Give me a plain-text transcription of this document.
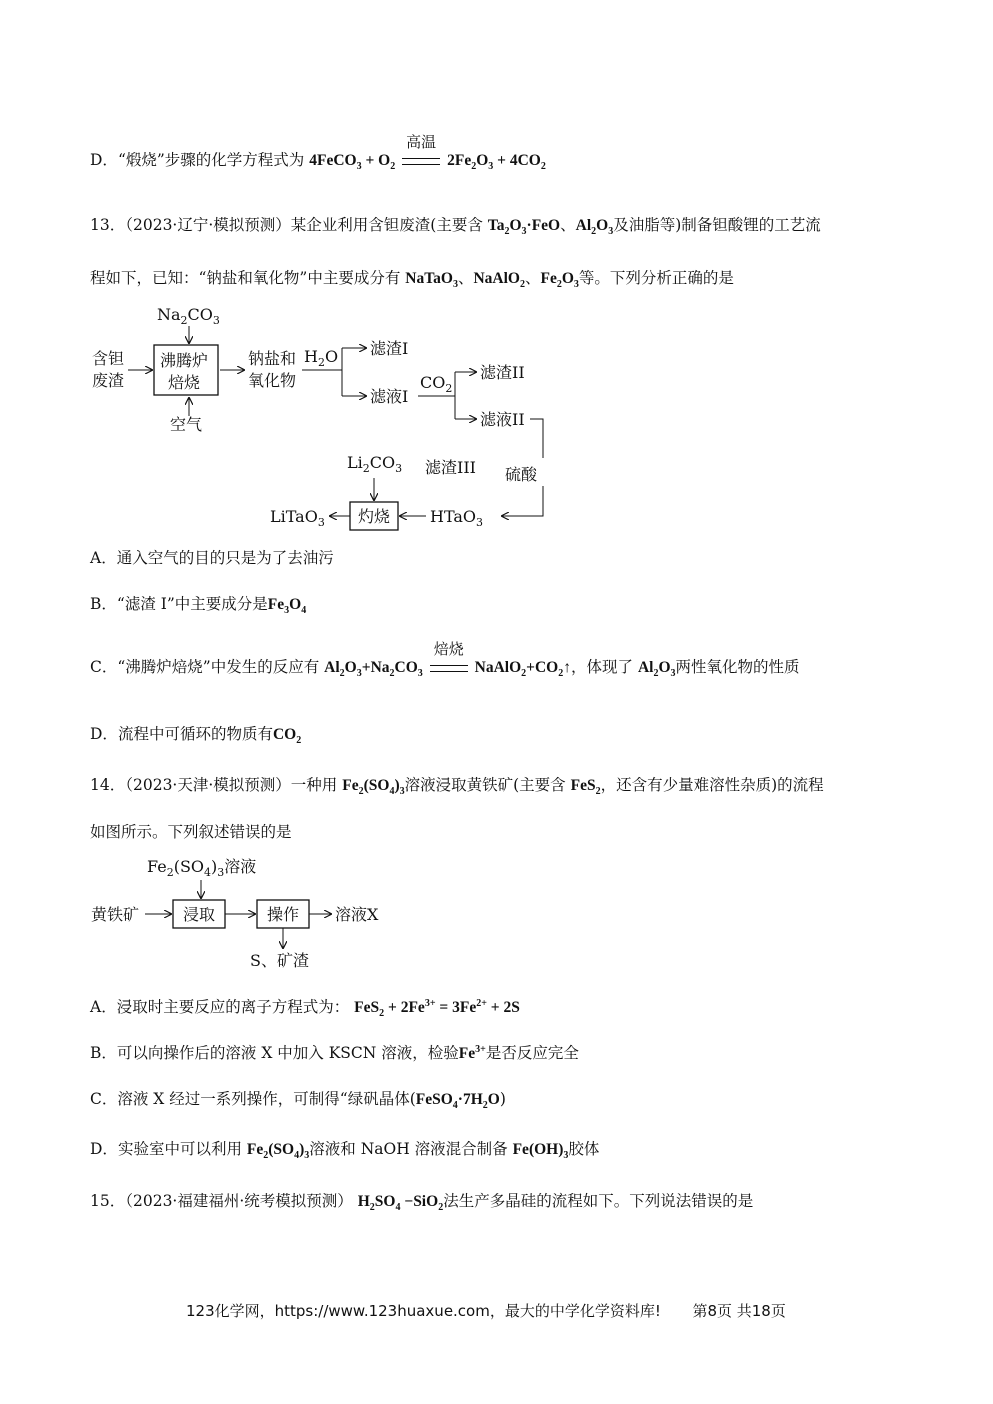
D．“煅烧”步骤的化学方程式为 4FeCO$_3$ + $O_2$
高温
$2Fe_2O_3 + 4CO_2$
13．（2023·辽宁·模拟预测）某企业利用含钽废渣(主要含 $Ta_2O_3\cdot FeO$、$Al_2O_3$及油脂等)制备钽酸锂的工艺流
程如下，已知：“钠盐和氧化物”中主要成分有 NaTaO$_3$、NaAlO$_2$、$Fe_2O_3$等。下列分析正确的是
含钽
废渣
$Na_2CO_3$
沸腾炉
焙烧
空气
钠盐和
氧化物
$H_2O$ 滤渣I
滤液I
$CO_2$
滤渣II
滤液II
硫酸
滤渣III
HTaO$_3$
灼烧
$Li_2CO_3$
LiTaO$_3$
A．通入空气的目的只是为了去油污
B．“滤渣 I”中主要成分是$Fe_3O_4$
C．“沸腾炉焙烧”中发生的反应有 $Al_2O_3+Na_2CO_3$
焙烧
$NaAlO_2+CO_2↑$，体现了 $Al_2O_3$两性氧化物的性质
D．流程中可循环的物质有$CO_2$
14．（2023·天津·模拟预测）一种用 $Fe_2(SO_4)_3$溶液浸取黄铁矿(主要含 FeS$_2$，还含有少量难溶性杂质)的流程
如图所示。下列叙述错误的是
$Fe_2(SO_4)_3$溶液
黄铁矿	浸取	操作 溶液X
S、矿渣
A．浸取时主要反应的离子方程式为： $FeS_2 + 2Fe^{3+} = 3Fe^{2+} + 2S$
B．可以向操作后的溶液 X 中加入 KSCN 溶液，检验$Fe^{3+}$是否反应完全
C．溶液 X 经过一系列操作，可制得“绿矾晶体$(FeSO_4\cdot 7H_2O)$
D．实验室中可以利用 $Fe_2(SO_4)_3$溶液和 NaOH 溶液混合制备 $Fe(OH)_3$胶体
15．（2023·福建福州·统考模拟预测） $H_2SO_4 -SiO_2$法生产多晶硅的流程如下。下列说法错误的是
123化学网，https://www.123huaxue.com，最大的中学化学资料库! 第8页 共18页
